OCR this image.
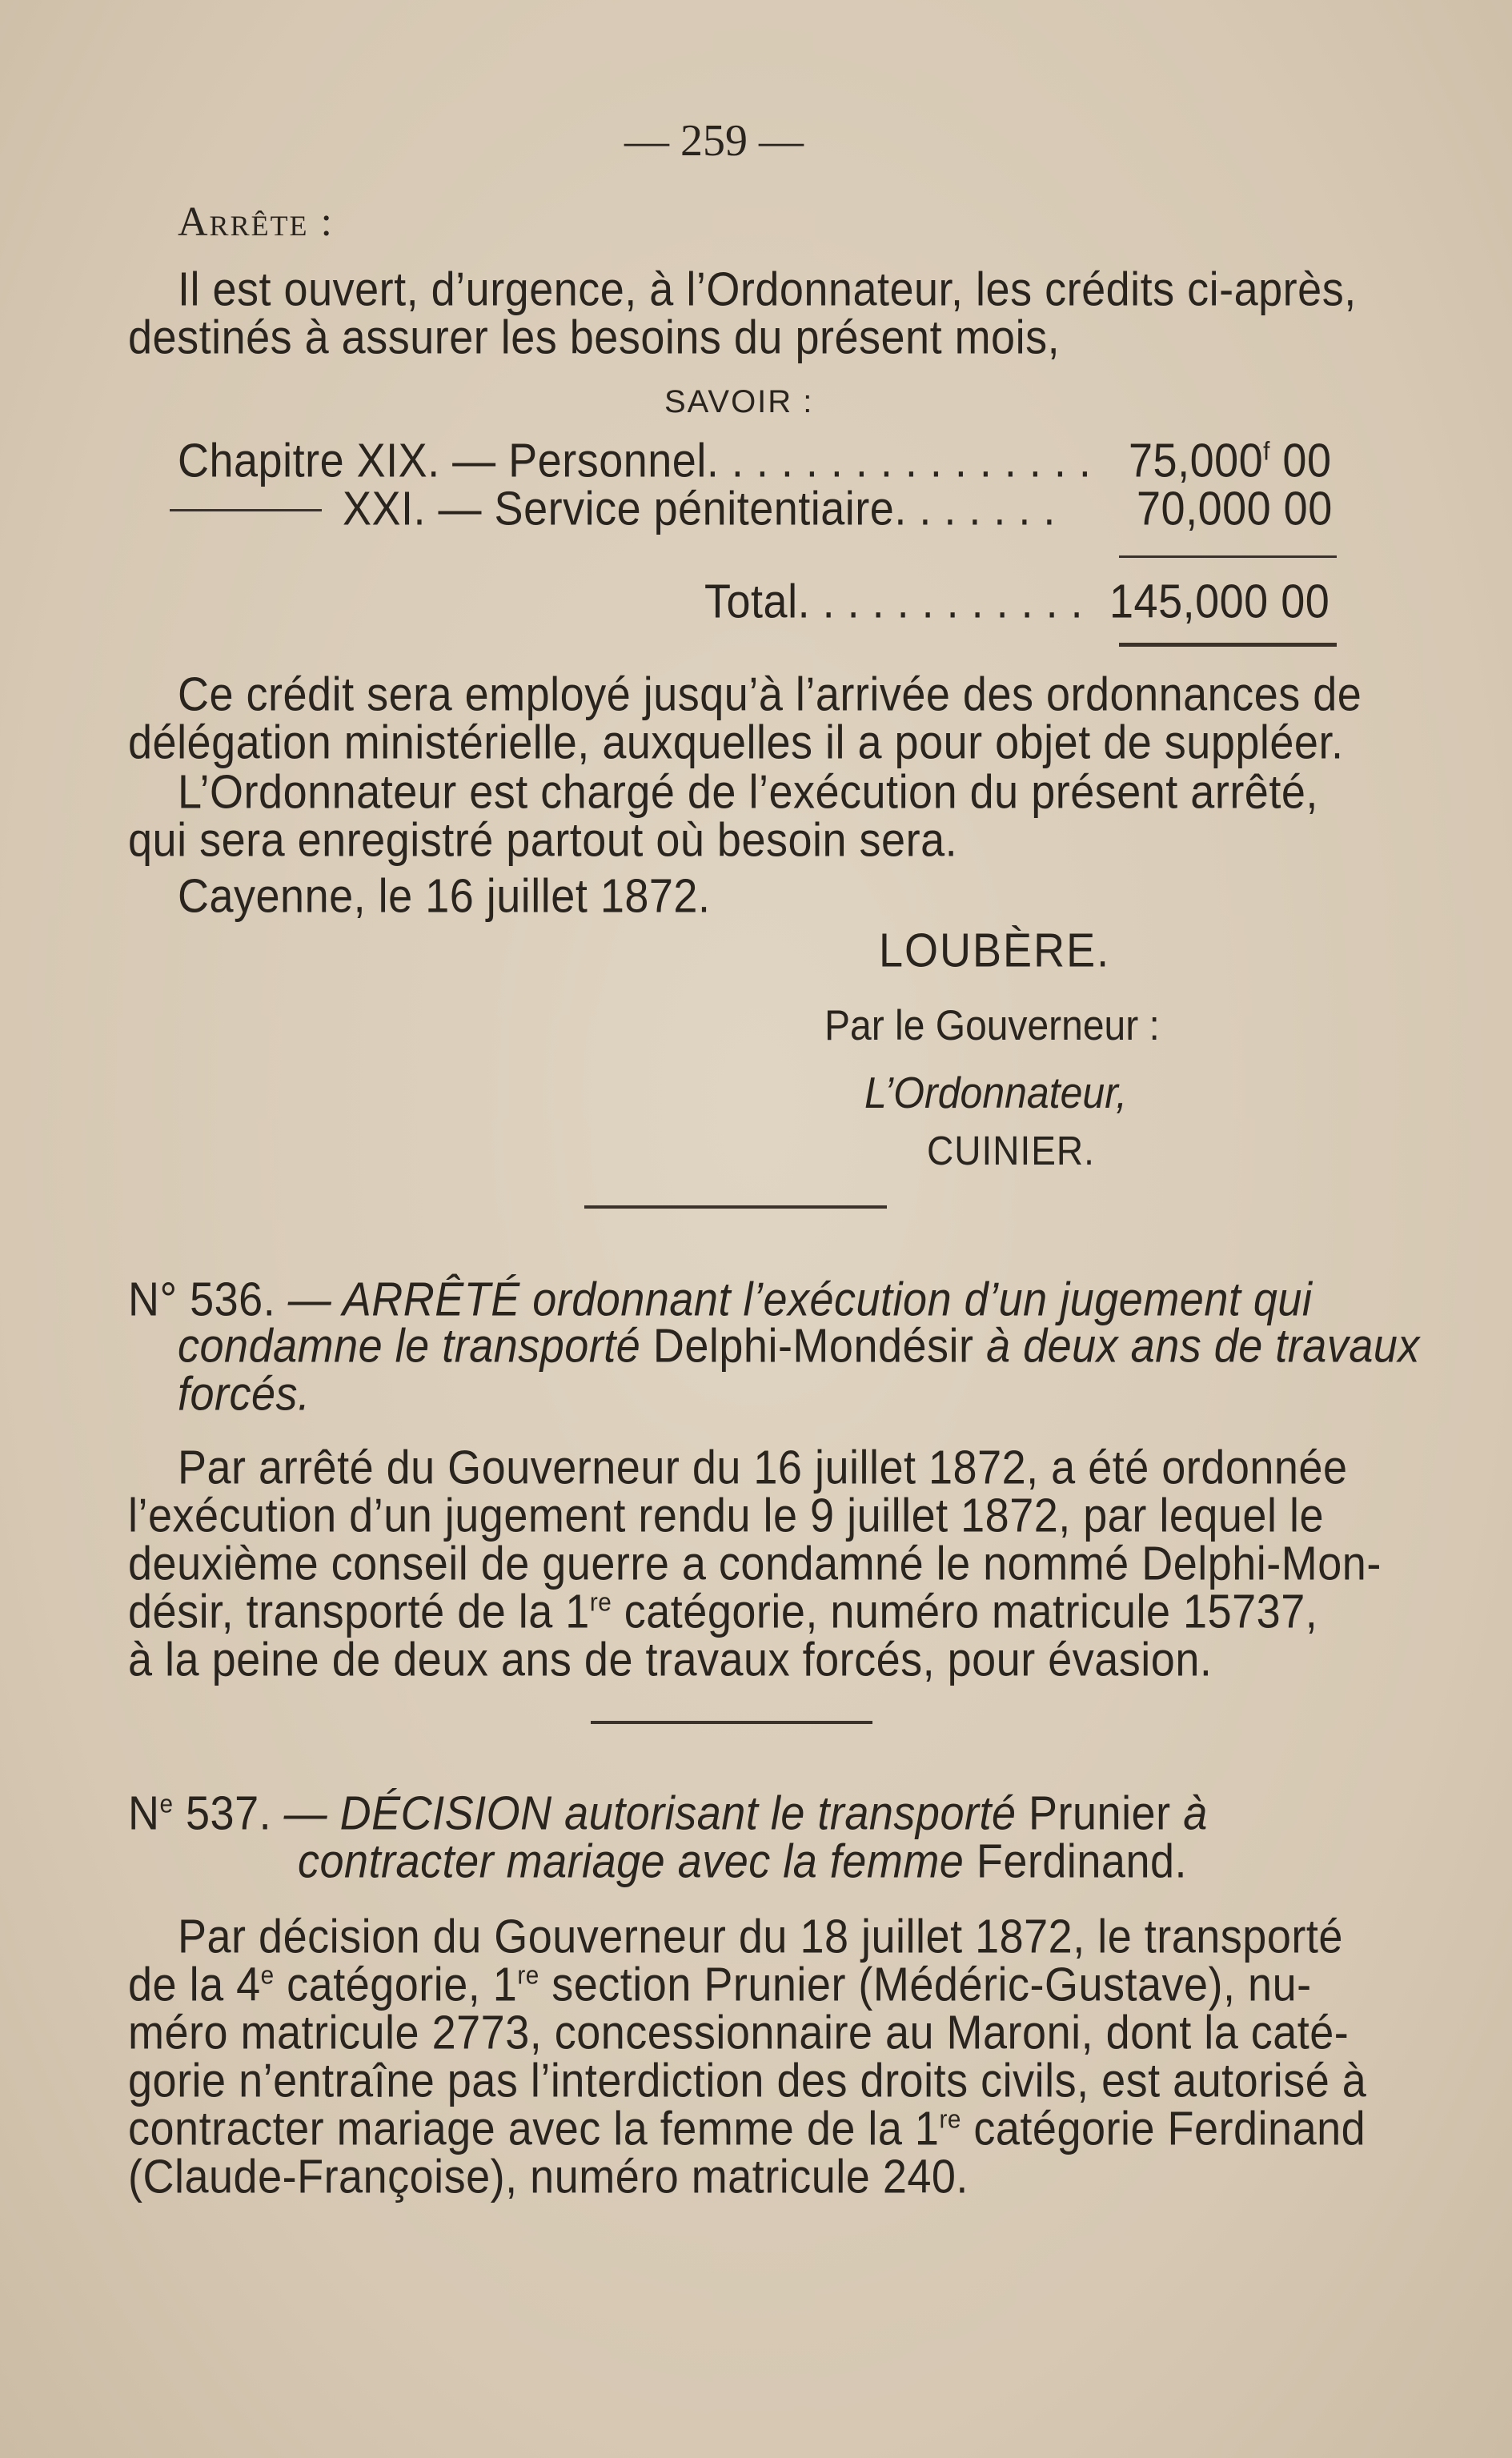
— 259 —
Arrête :
Il est ouvert, d’urgence, à l’Ordonnateur, les crédits ci-après,
destinés à assurer les besoins du présent mois,
SAVOIR :
Chapitre XIX. — Personnel. . . . . . . . . . . . . . . . 75,000$^f$ 00
XXI. — Service pénitentiaire. . . . . . . 70,000 00
Total. . . . . . . . . . . . 145,000 00
Ce crédit sera employé jusqu’à l’arrivée des ordonnances de
délégation ministérielle, auxquelles il a pour objet de suppléer.
L’Ordonnateur est chargé de l’exécution du présent arrêté,
qui sera enregistré partout où besoin sera.
Cayenne, le 16 juillet 1872.
LOUBÈRE.
Par le Gouverneur :
L’Ordonnateur,
CUINIER.
N° 536. — ARRÊTÉ ordonnant l’exécution d’un jugement qui
condamne le transporté Delphi-Mondésir à deux ans de travaux
forcés.
Par arrêté du Gouverneur du 16 juillet 1872, a été ordonnée
l’exécution d’un jugement rendu le 9 juillet 1872, par lequel le
deuxième conseil de guerre a condamné le nommé Delphi-Mon-
désir, transporté de la 1re catégorie, numéro matricule 15737,
à la peine de deux ans de travaux forcés, pour évasion.
$N^e$ 537. — DÉCISION autorisant le transporté Prunier à
contracter mariage avec la femme Ferdinand.
Par décision du Gouverneur du 18 juillet 1872, le transporté
de la 4e catégorie, 1re section Prunier (Médéric-Gustave), nu-
méro matricule 2773, concessionnaire au Maroni, dont la caté-
gorie n’entraîne pas l’interdiction des droits civils, est autorisé à
contracter mariage avec la femme de la 1re catégorie Ferdinand
(Claude-Françoise), numéro matricule 240.
